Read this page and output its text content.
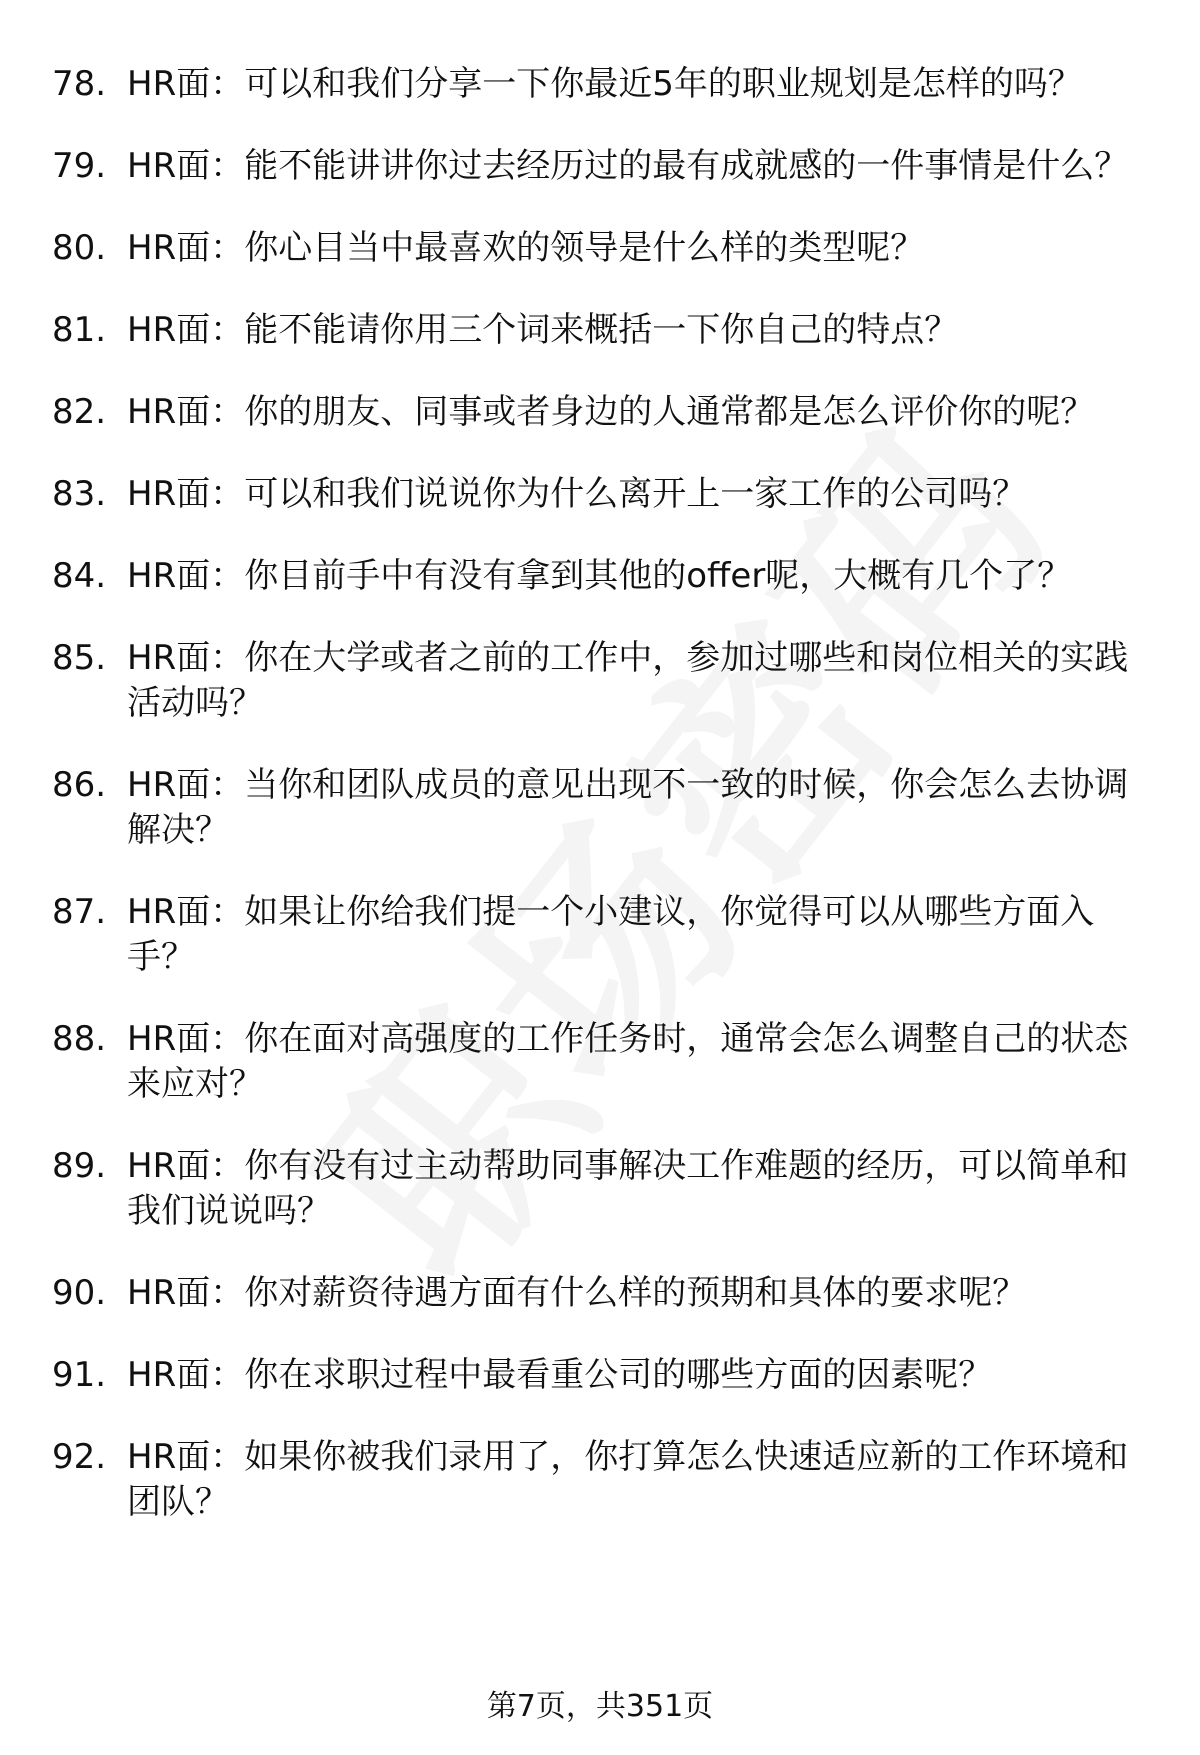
78. HR面：可以和我们分享一下你最近5年的职业规划是怎样的吗？
79. HR面：能不能讲讲你过去经历过的最有成就感的一件事情是什么？
80. HR面：你心目当中最喜欢的领导是什么样的类型呢？
81. HR面：能不能请你用三个词来概括一下你自己的特点？
82. HR面：你的朋友、同事或者身边的人通常都是怎么评价你的呢？
83. HR面：可以和我们说说你为什么离开上一家工作的公司吗？
84. HR面：你目前手中有没有拿到其他的offer呢，大概有几个了？
85. HR面：你在大学或者之前的工作中，参加过哪些和岗位相关的实践活动吗？
86. HR面：当你和团队成员的意见出现不一致的时候，你会怎么去协调解决？
87. HR面：如果让你给我们提一个小建议，你觉得可以从哪些方面入手？
88. HR面：你在面对高强度的工作任务时，通常会怎么调整自己的状态来应对？
89. HR面：你有没有过主动帮助同事解决工作难题的经历，可以简单和我们说说吗？
90. HR面：你对薪资待遇方面有什么样的预期和具体的要求呢？
91. HR面：你在求职过程中最看重公司的哪些方面的因素呢？
92. HR面：如果你被我们录用了，你打算怎么快速适应新的工作环境和团队？
第7页，共351页
